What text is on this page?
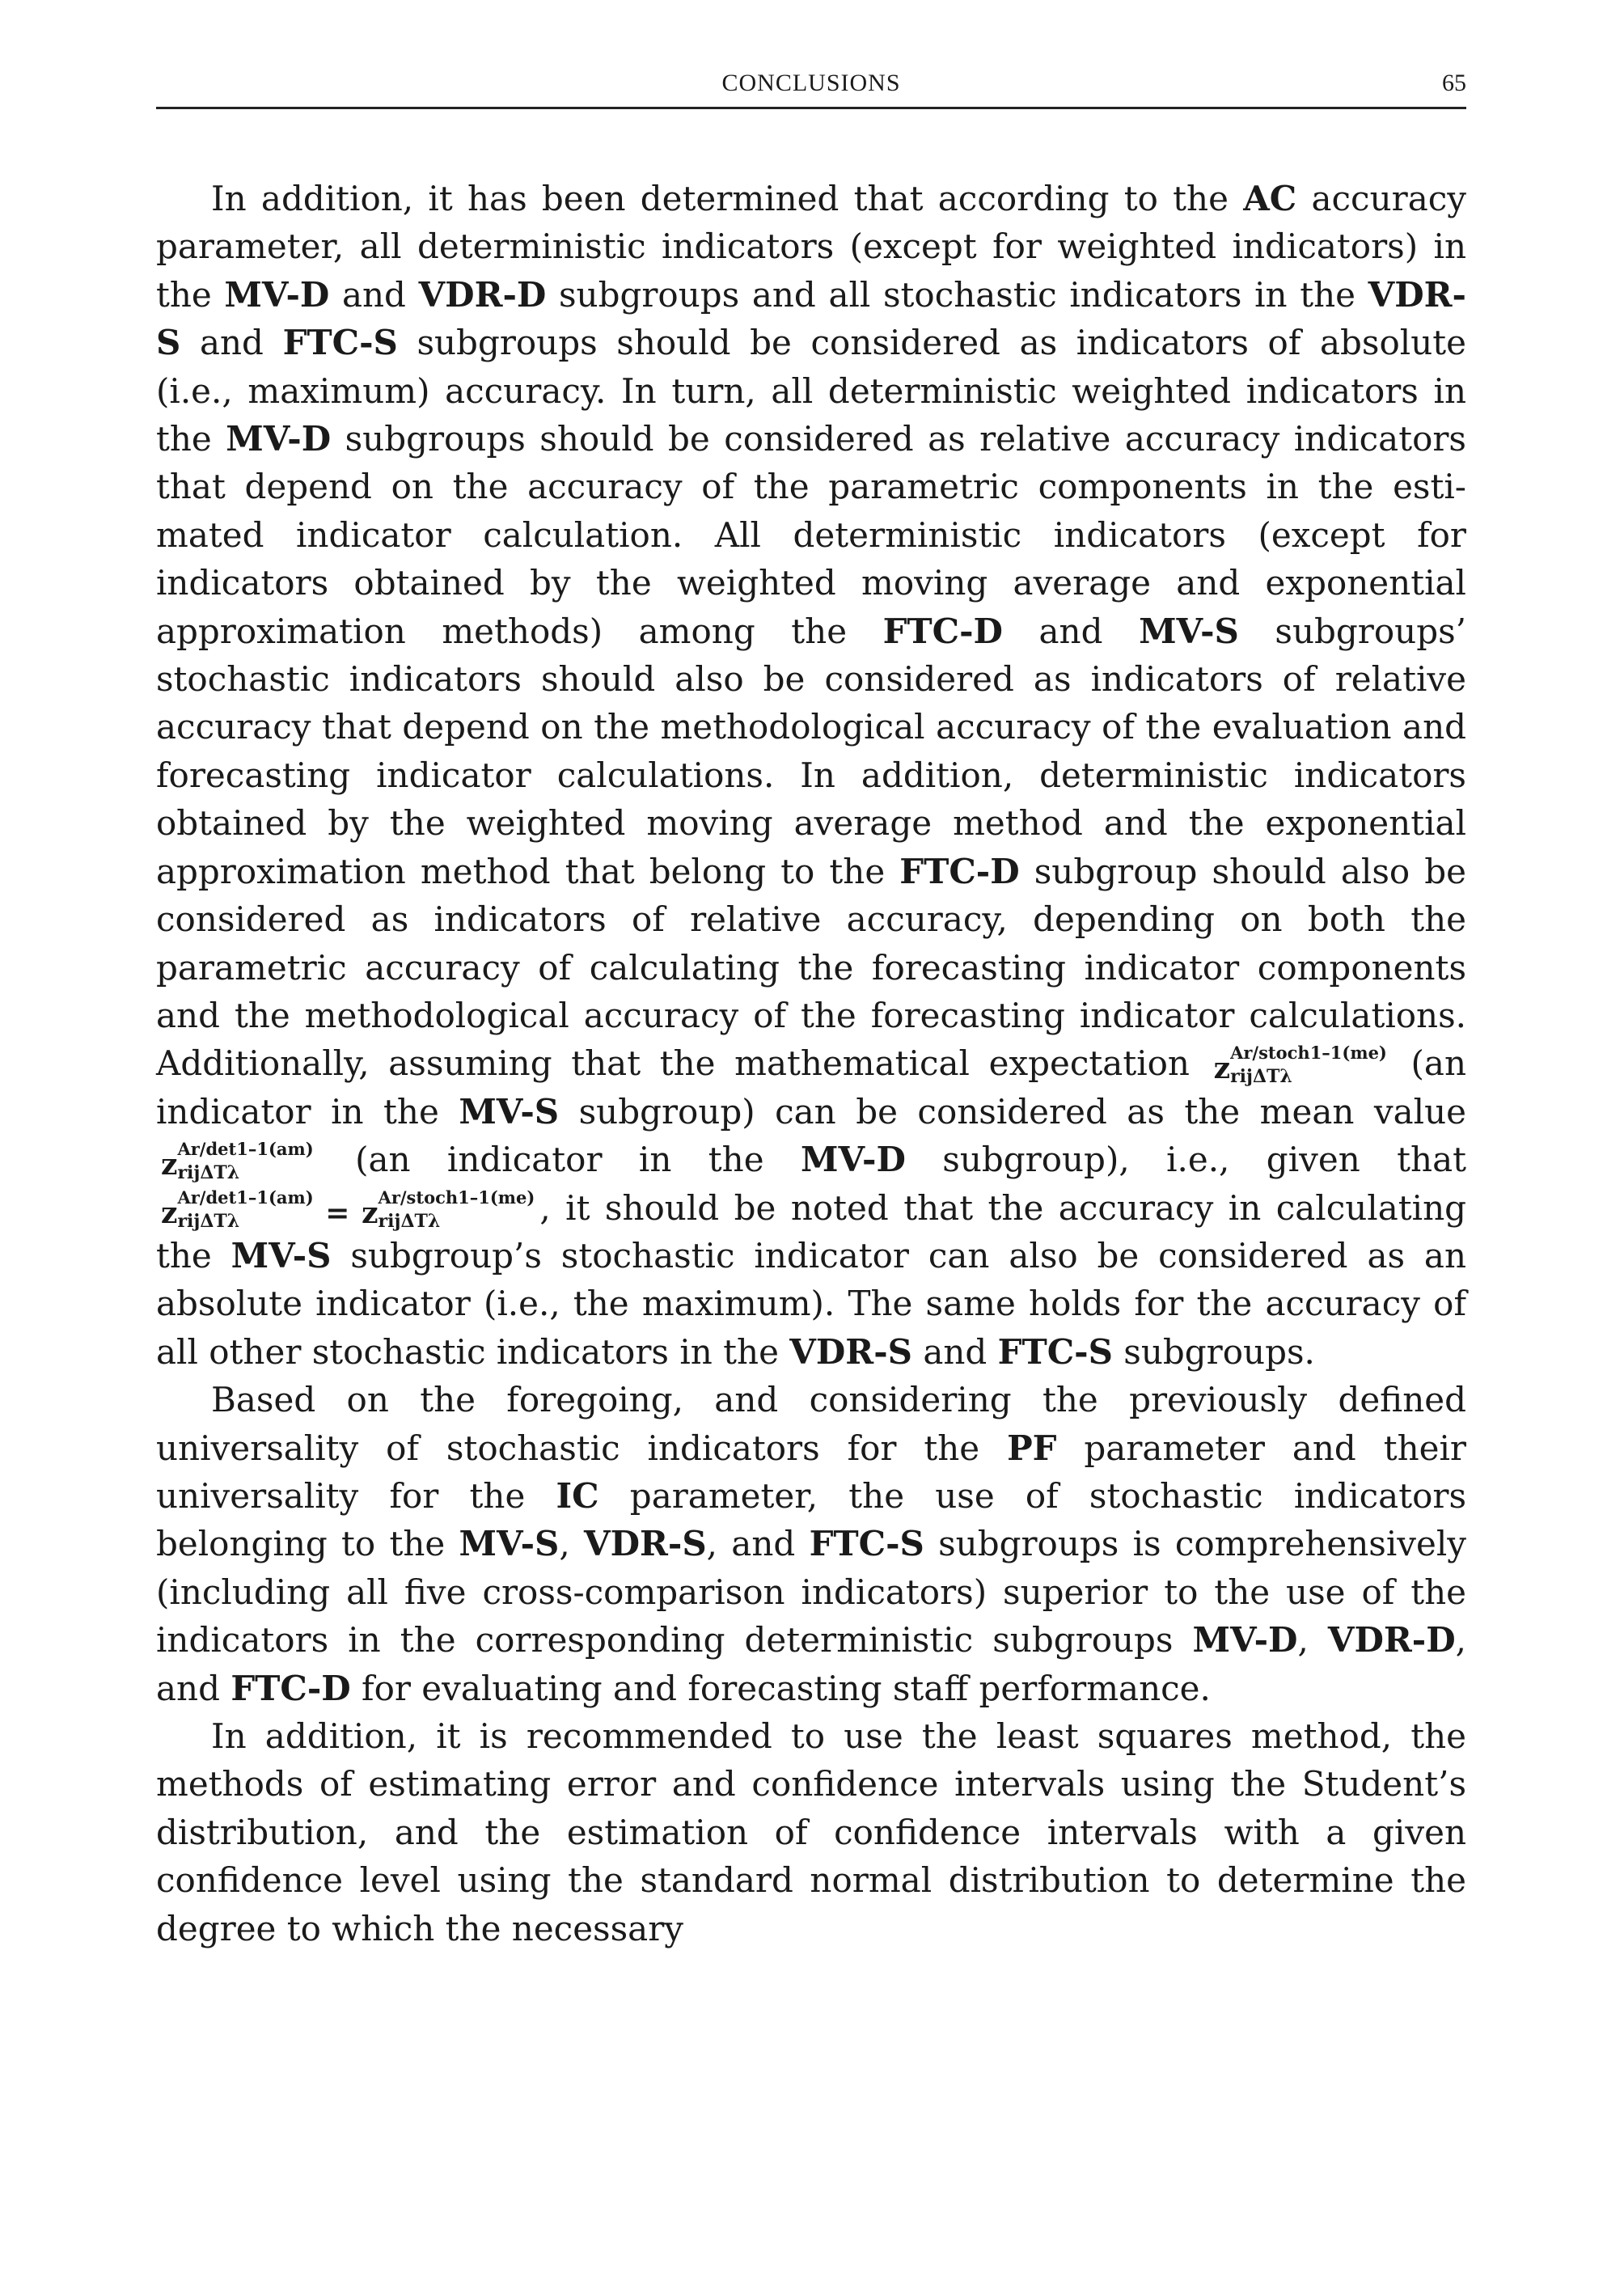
CONCLUSIONS	65

In addition, it has been determined that according to the AC accuracy parameter, all deterministic indicators (except for weighted indicators) in the MV-D and VDR-D subgroups and all stochastic indicators in the VDR-S and FTC-S subgroups should be considered as indicators of absolute (i.e., maximum) accuracy. In turn, all deterministic weighted indicators in the MV-D subgroups should be considered as relative accuracy indicators that depend on the accuracy of the parametric components in the estimated indicator calculation. All deterministic indicators (except for indicators obtained by the weighted moving average and exponential approximation methods) among the FTC-D and MV-S subgroups’ stochastic indicators should also be considered as indicators of relative accuracy that depend on the methodological accuracy of the evaluation and forecasting indicator calculations. In addition, deterministic indicators obtained by the weighted moving average method and the exponential approximation method that belong to the FTC-D subgroup should also be considered as indicators of relative accuracy, depending on both the parametric accuracy of calculating the forecasting indicator components and the methodological accuracy of the forecasting indicator calculations. Additionally, assuming that the mathematical expectation z Ar/stoch1–1(me)
rijΔTλ	(an indicator in the MV-S subgroup) can be considered as the mean value z Ar/det1–1(am)
rijΔTλ	(an indicator in the MV-D subgroup), i.e., given that z Ar/det1–1(am)
rijΔTλ	= z Ar/stoch1–1(me)
rijΔTλ	, it should be noted that the accuracy in calculating the MV-S subgroup’s stochastic indicator can also be considered as an absolute indicator (i.e., the maximum). The same holds for the accuracy of all other stochastic indicators in the VDR-S and FTC-S subgroups.

Based on the foregoing, and considering the previously defined universality of stochastic indicators for the PF parameter and their universality for the IC parameter, the use of stochastic indicators belonging to the MV-S, VDR-S, and FTC-S subgroups is comprehensively (including all five cross-comparison indicators) superior to the use of the indicators in the corresponding deterministic subgroups MV-D, VDR-D, and FTC-D for evaluating and forecasting staff performance.

In addition, it is recommended to use the least squares method, the methods of estimating error and confidence intervals using the Student’s distribution, and the estimation of confidence intervals with a given confidence level using the standard normal distribution to determine the degree to which the necessary
